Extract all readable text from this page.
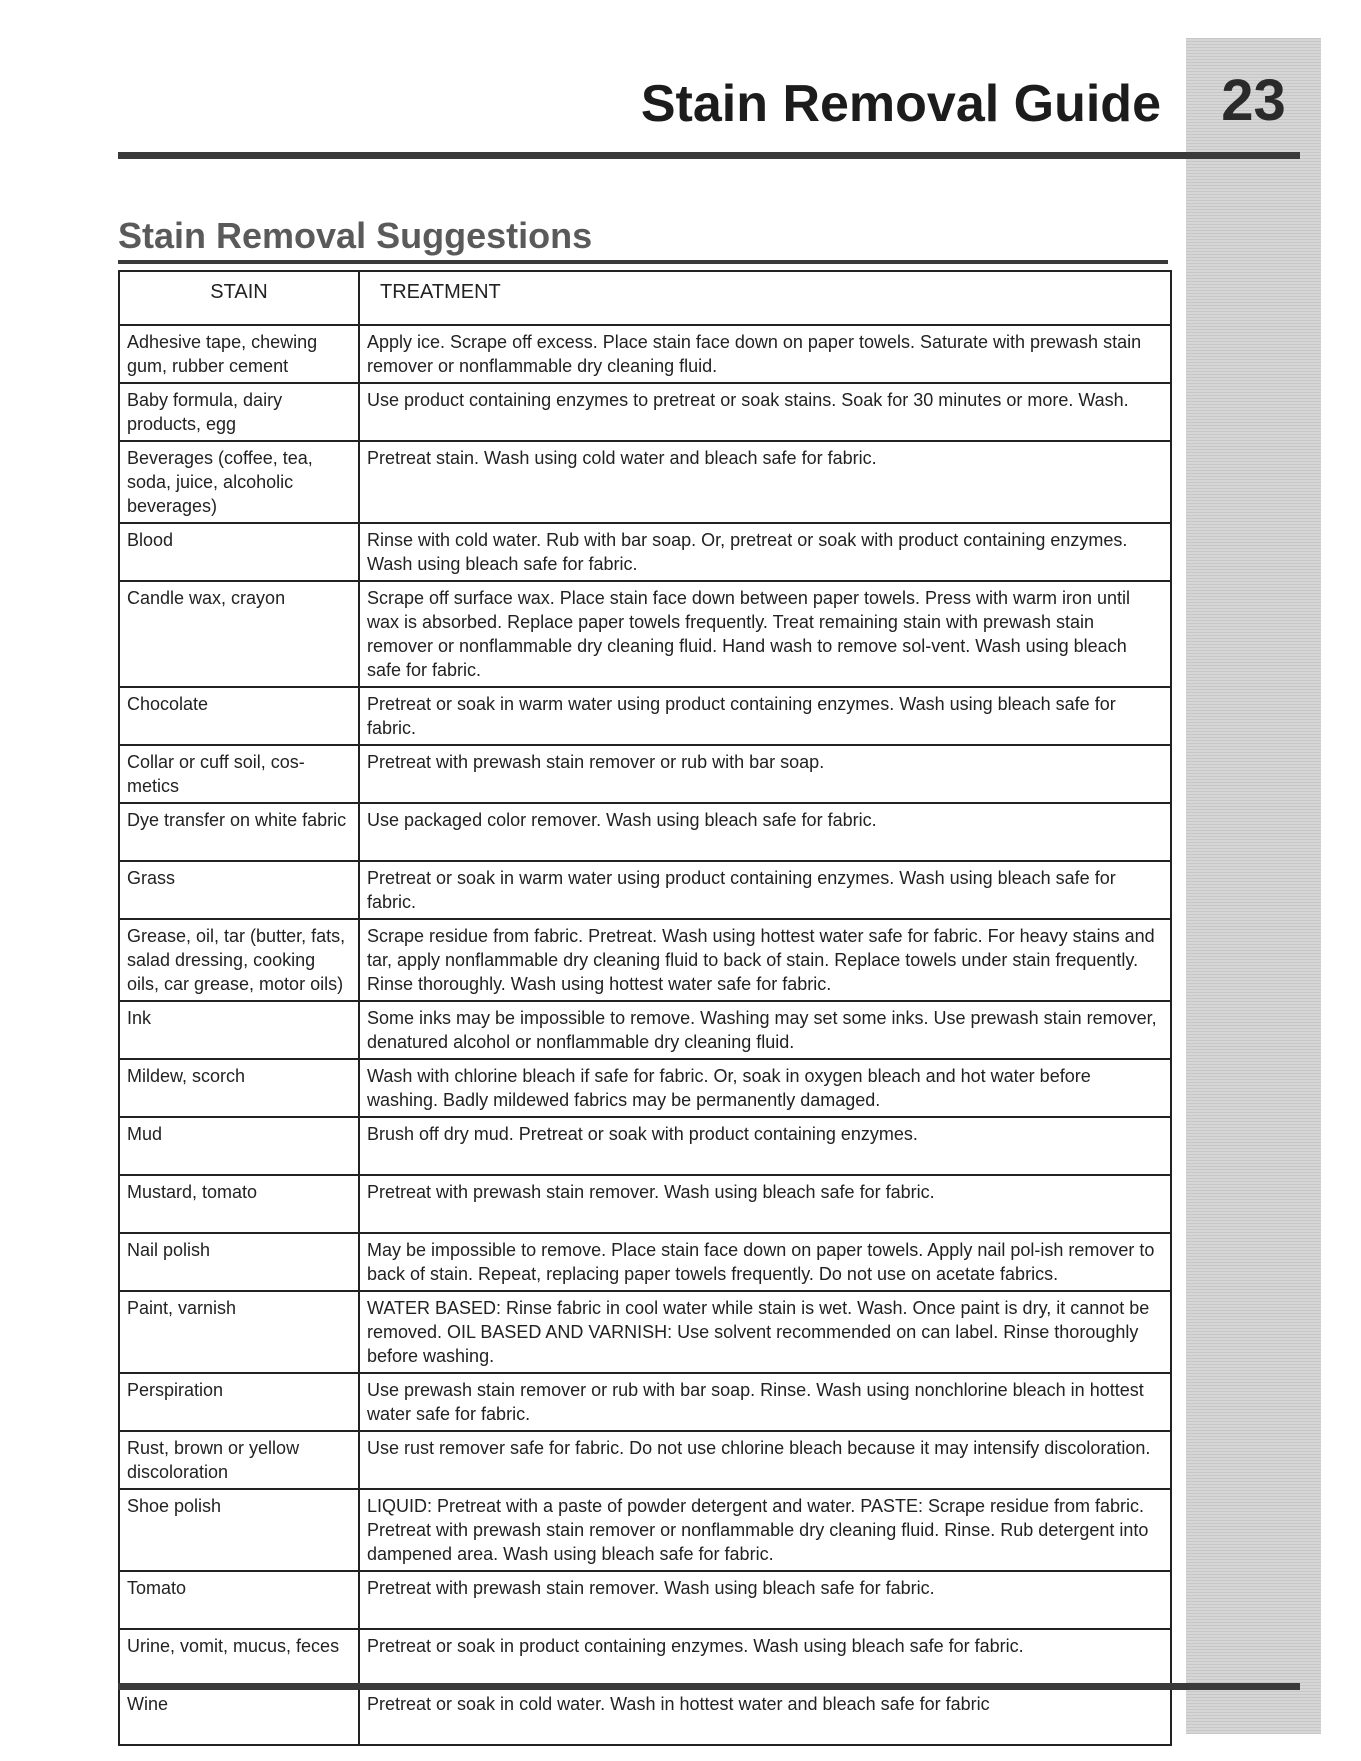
23
Stain Removal Guide
Stain Removal Suggestions
STAIN	TREATMENT
Adhesive tape, chewing gum, rubber cement	Apply ice. Scrape off excess. Place stain face down on paper towels. Saturate with prewash stain remover or nonflammable dry cleaning fluid.
Baby formula, dairy products, egg	Use product containing enzymes to pretreat or soak stains. Soak for 30 minutes or more. Wash.
Beverages (coffee, tea, soda, juice, alcoholic beverages)	Pretreat stain. Wash using cold water and bleach safe for fabric.
Blood	Rinse with cold water. Rub with bar soap. Or, pretreat or soak with product containing enzymes. Wash using bleach safe for fabric.
Candle wax, crayon	Scrape off surface wax. Place stain face down between paper towels. Press with warm iron until wax is absorbed. Replace paper towels frequently. Treat remaining stain with prewash stain remover or nonflammable dry cleaning fluid. Hand wash to remove sol-vent. Wash using bleach safe for fabric.
Chocolate	Pretreat or soak in warm water using product containing enzymes. Wash using bleach safe for fabric.
Collar or cuff soil, cos-metics	Pretreat with prewash stain remover or rub with bar soap.
Dye transfer on white fabric	Use packaged color remover. Wash using bleach safe for fabric.
Grass	Pretreat or soak in warm water using product containing enzymes. Wash using bleach safe for fabric.
Grease, oil, tar (butter, fats, salad dressing, cooking oils, car grease, motor oils)	Scrape residue from fabric. Pretreat. Wash using hottest water safe for fabric. For heavy stains and tar, apply nonflammable dry cleaning fluid to back of stain. Replace towels under stain frequently. Rinse thoroughly. Wash using hottest water safe for fabric.
Ink	Some inks may be impossible to remove. Washing may set some inks. Use prewash stain remover, denatured alcohol or nonflammable dry cleaning fluid.
Mildew, scorch	Wash with chlorine bleach if safe for fabric. Or, soak in oxygen bleach and hot water before washing. Badly mildewed fabrics may be permanently damaged.
Mud	Brush off dry mud. Pretreat or soak with product containing enzymes.
Mustard, tomato	Pretreat with prewash stain remover. Wash using bleach safe for fabric.
Nail polish	May be impossible to remove. Place stain face down on paper towels. Apply nail pol-ish remover to back of stain. Repeat, replacing paper towels frequently. Do not use on acetate fabrics.
Paint, varnish	WATER BASED: Rinse fabric in cool water while stain is wet. Wash. Once paint is dry, it cannot be removed. OIL BASED AND VARNISH: Use solvent recommended on can label. Rinse thoroughly before washing.
Perspiration	Use prewash stain remover or rub with bar soap. Rinse. Wash using nonchlorine bleach in hottest water safe for fabric.
Rust, brown or yellow discoloration	Use rust remover safe for fabric. Do not use chlorine bleach because it may intensify discoloration.
Shoe polish	LIQUID: Pretreat with a paste of powder detergent and water. PASTE: Scrape residue from fabric. Pretreat with prewash stain remover or nonflammable dry cleaning fluid. Rinse. Rub detergent into dampened area. Wash using bleach safe for fabric.
Tomato	Pretreat with prewash stain remover. Wash using bleach safe for fabric.
Urine, vomit, mucus, feces	Pretreat or soak in product containing enzymes. Wash using bleach safe for fabric.
Wine	Pretreat or soak in cold water. Wash in hottest water and bleach safe for fabric
